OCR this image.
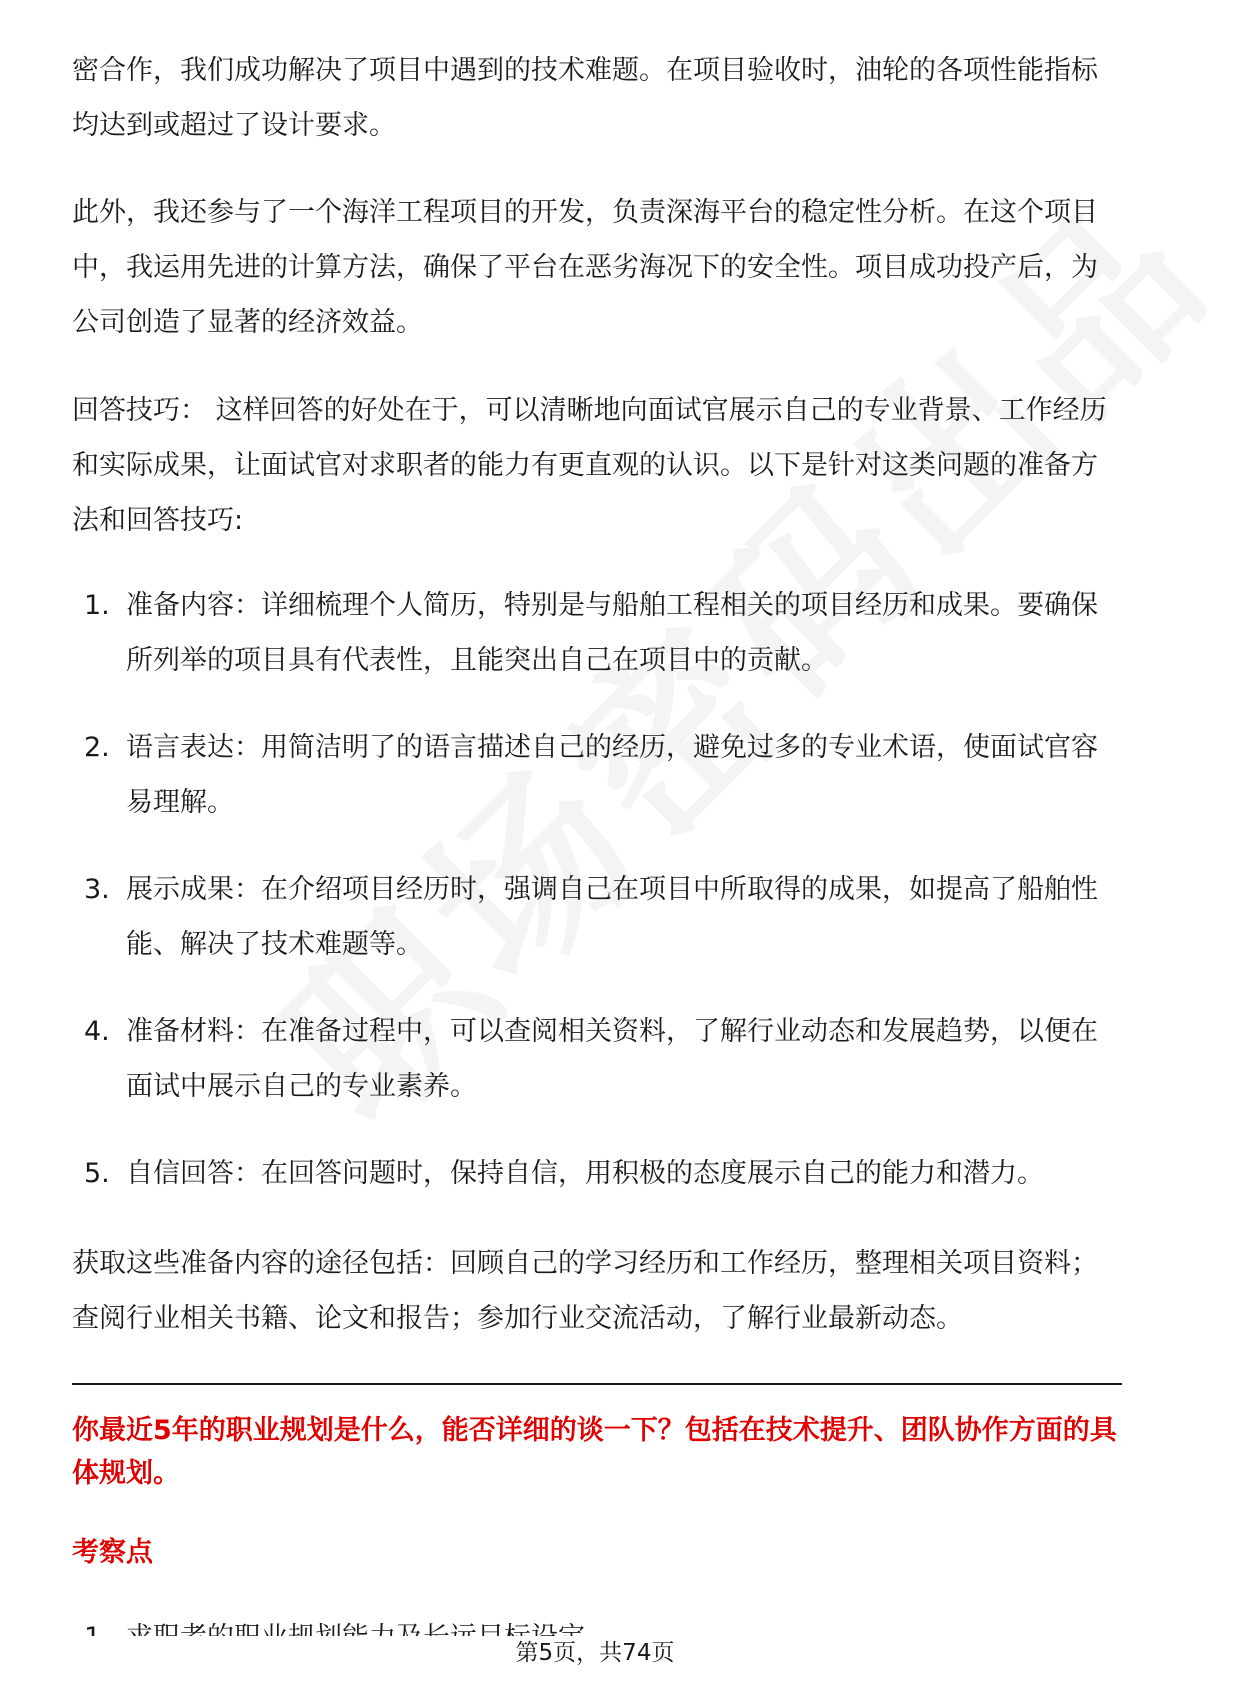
密合作，我们成功解决了项目中遇到的技术难题。在项目验收时，油轮的各项性能指标均达到或超过了设计要求。

此外，我还参与了一个海洋工程项目的开发，负责深海平台的稳定性分析。在这个项目中，我运用先进的计算方法，确保了平台在恶劣海况下的安全性。项目成功投产后，为公司创造了显著的经济效益。

回答技巧： 这样回答的好处在于，可以清晰地向面试官展示自己的专业背景、工作经历和实际成果，让面试官对求职者的能力有更直观的认识。以下是针对这类问题的准备方法和回答技巧:

1. 准备内容：详细梳理个人简历，特别是与船舶工程相关的项目经历和成果。要确保所列举的项目具有代表性，且能突出自己在项目中的贡献。
2. 语言表达：用简洁明了的语言描述自己的经历，避免过多的专业术语，使面试官容易理解。
3. 展示成果：在介绍项目经历时，强调自己在项目中所取得的成果，如提高了船舶性能、解决了技术难题等。
4. 准备材料：在准备过程中，可以查阅相关资料，了解行业动态和发展趋势，以便在面试中展示自己的专业素养。
5. 自信回答：在回答问题时，保持自信，用积极的态度展示自己的能力和潜力。

获取这些准备内容的途径包括：回顾自己的学习经历和工作经历，整理相关项目资料；查阅行业相关书籍、论文和报告；参加行业交流活动，了解行业最新动态。

你最近5年的职业规划是什么，能否详细的谈一下？包括在技术提升、团队协作方面的具体规划。

考察点

第5页，共74页
